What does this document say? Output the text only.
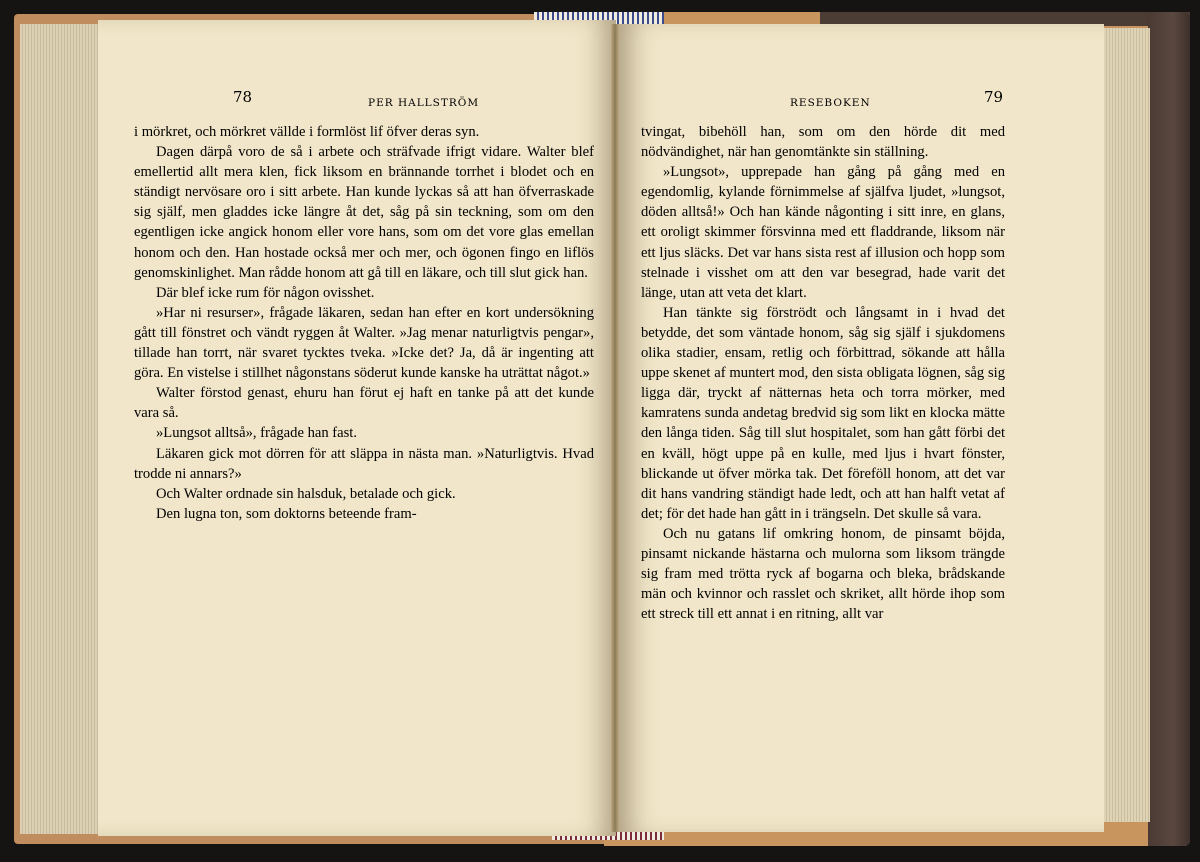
78	PER HALLSTRÖM	RESEBOKEN	79

i mörkret, och mörkret vällde i formlöst lif öfver deras syn.

Dagen därpå voro de så i arbete och sträfvade ifrigt vidare. Walter blef emellertid allt mera klen, fick liksom en brännande torrhet i blodet och en ständigt nervösare oro i sitt arbete. Han kunde lyckas så att han öfverraskade sig själf, men gladdes icke längre åt det, såg på sin teckning, som om den egentligen icke angick honom eller vore hans, som om det vore glas emellan honom och den. Han hostade också mer och mer, och ögonen fingo en liflös genomskinlighet. Man rådde honom att gå till en läkare, och till slut gick han.

Där blef icke rum för någon ovisshet.

»Har ni resurser», frågade läkaren, sedan han efter en kort undersökning gått till fönstret och vändt ryggen åt Walter. »Jag menar naturligtvis pengar», tillade han torrt, när svaret tycktes tveka. »Icke det? Ja, då är ingenting att göra. En vistelse i stillhet någonstans söderut kunde kanske ha uträttat något.»

Walter förstod genast, ehuru han förut ej haft en tanke på att det kunde vara så.

»Lungsot alltså», frågade han fast.

Läkaren gick mot dörren för att släppa in nästa man. »Naturligtvis. Hvad trodde ni annars?»

Och Walter ordnade sin halsduk, betalade och gick.

Den lugna ton, som doktorns beteende fram-

tvingat, bibehöll han, som om den hörde dit med nödvändighet, när han genomtänkte sin ställning.

»Lungsot», upprepade han gång på gång med en egendomlig, kylande förnimmelse af själfva ljudet, »lungsot, döden alltså!» Och han kände någonting i sitt inre, en glans, ett oroligt skimmer försvinna med ett fladdrande, liksom när ett ljus släcks. Det var hans sista rest af illusion och hopp som stelnade i visshet om att den var besegrad, hade varit det länge, utan att veta det klart.

Han tänkte sig förströdt och långsamt in i hvad det betydde, det som väntade honom, såg sig själf i sjukdomens olika stadier, ensam, retlig och förbittrad, sökande att hålla uppe skenet af muntert mod, den sista obligata lögnen, såg sig ligga där, tryckt af nätternas heta och torra mörker, med kamratens sunda andetag bredvid sig som likt en klocka mätte den långa tiden. Såg till slut hospitalet, som han gått förbi det en kväll, högt uppe på en kulle, med ljus i hvart fönster, blickande ut öfver mörka tak. Det föreföll honom, att det var dit hans vandring ständigt hade ledt, och att han halft vetat af det; för det hade han gått in i trängseln. Det skulle så vara.

Och nu gatans lif omkring honom, de pinsamt böjda, pinsamt nickande hästarna och mulorna som liksom trängde sig fram med trötta ryck af bogarna och bleka, brådskande män och kvinnor och rasslet och skriket, allt hörde ihop som ett streck till ett annat i en ritning, allt var
